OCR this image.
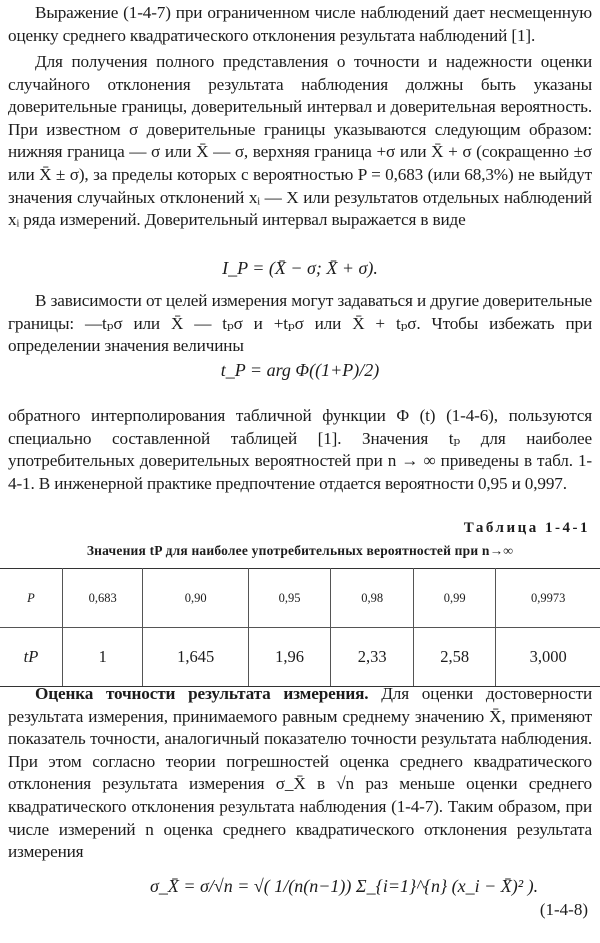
Выражение (1-4-7) при ограниченном числе наблюдений дает несмещенную оценку среднего квадратического отклонения результата наблюдений [1].

Для получения полного представления о точности и надежности оценки случайного отклонения результата наблюдения должны быть указаны доверительные границы, доверительный интервал и доверительная вероятность. При известном σ доверительные границы указываются следующим образом: нижняя граница — σ или X̄ — σ, верхняя граница +σ или X̄ + σ (сокращенно ±σ или X̄ ± σ), за пределы которых с вероятностью P = 0,683 (или 68,3%) не выйдут значения случайных отклонений xᵢ — X или результатов отдельных наблюдений xᵢ ряда измерений. Доверительный интервал выражается в виде

I_P = (X̄ − σ; X̄ + σ).

В зависимости от целей измерения могут задаваться и другие доверительные границы: —tₚσ или X̄ — tₚσ и +tₚσ или X̄ + tₚσ. Чтобы избежать при определении значения величины

t_P = arg Φ((1+P)/2)

обратного интерполирования табличной функции Φ (t) (1-4-6), пользуются специально составленной таблицей [1]. Значения tₚ для наиболее употребительных доверительных вероятностей при n → ∞ приведены в табл. 1-4-1. В инженерной практике предпочтение отдается вероятности 0,95 и 0,997.

Таблица 1-4-1
Значения tP для наиболее употребительных вероятностей при n→∞
P	0,683	0,90	0,95	0,98	0,99	0,9973
tP	1	1,645	1,96	2,33	2,58	3,000

Оценка точности результата измерения. Для оценки достоверности результата измерения, принимаемого равным среднему значению X̄, применяют показатель точности, аналогичный показателю точности результата наблюдения. При этом согласно теории погрешностей оценка среднего квадратического отклонения результата измерения σ_X̄ в √n раз меньше оценки среднего квадратического отклонения результата наблюдения (1-4-7). Таким образом, при числе измерений n оценка среднего квадратического отклонения результата измерения

σ_X̄ = σ/√n = √( 1/(n(n−1)) Σ_{i=1}^{n} (x_i − X̄)² ).
(1-4-8)
